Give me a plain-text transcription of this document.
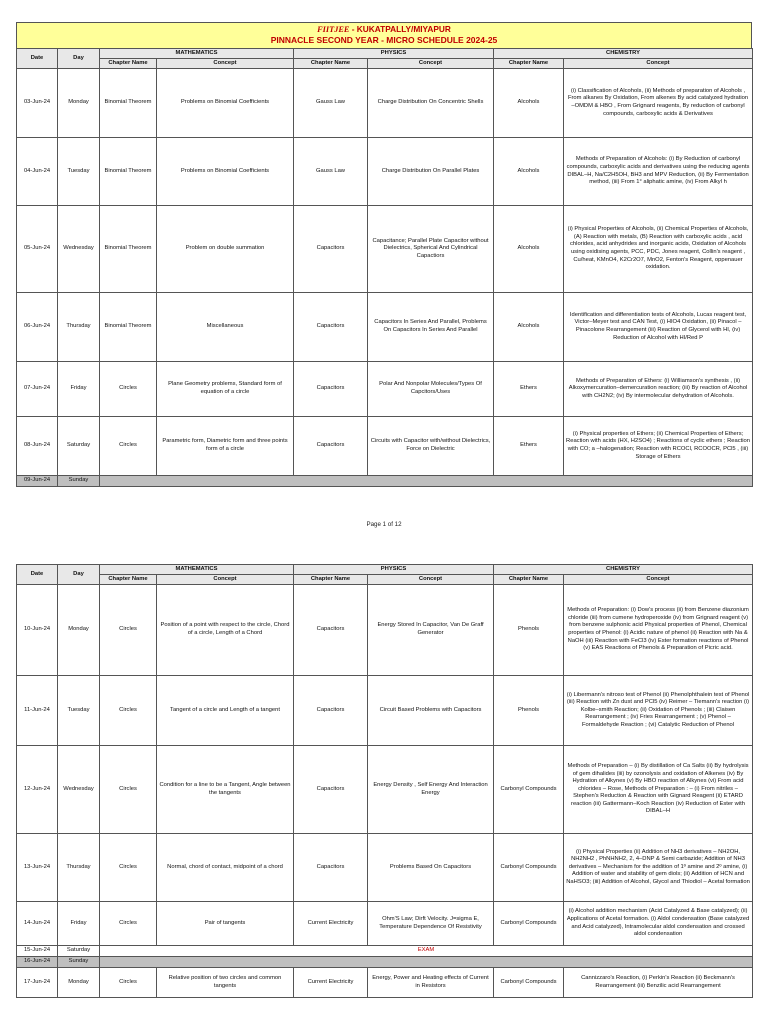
FIITJEE - KUKATPALLY/MIYAPUR
PINNACLE SECOND YEAR - MICRO SCHEDULE 2024-25
Date	Day	MATHEMATICS		PHYSICS		CHEMISTRY	
		Chapter Name	Concept	Chapter Name	Concept	Chapter Name	Concept
03-Jun-24	Monday	Binomial Theorem	Problems on Binomial Coefficients	Gauss Law	Charge Distribution On Concentric Shells	Alcohols	(i) Classification of Alcohols, (ii) Methods of preparation of Alcohols , From alkanes By Oxidation, From alkenes By acid catalyzed hydration –OMDM & HBO , From Grignard reagents, By reduction of carbonyl compounds, carboxylic acids & Derivatives
04-Jun-24	Tuesday	Binomial Theorem	Problems on Binomial Coefficients	Gauss Law	Charge Distribution On Parallel Plates	Alcohols	Methods of Preparation of Alcohols: (i) By Reduction of carbonyl compounds, carboxylic acids and derivatives using the reducing agents DIBAL–H, Na/C2H5OH, BH3 and MPV Reduction, (ii) By Fermentation method, (iii) From 1° aliphatic amine, (iv) From Alkyl h
05-Jun-24	Wednesday	Binomial Theorem	Problem on double summation	Capacitors	Capacitance; Parallel Plate Capacitor without Dielectrics, Spherical And Cylindrical Capactiors	Alcohols	(i) Physical Properties of Alcohols, (ii) Chemical Properties of Alcohols, (A) Reaction with metals, (B) Reaction with carboxylic acids , acid chlorides, acid anhydrides and inorganic acids, Oxidation of Alcohols using oxidising agents, PCC, PDC, Jones reagent, Collin's reagent , Cu/heat, KMnO4, K2Cr2O7, MnO2, Fenton's Reagent, oppenauer oxidation.
06-Jun-24	Thursday	Binomial Theorem	Miscellaneous	Capacitors	Capacitors In Series And Parallel, Problems On Capacitors In Series And Parallel	Alcohols	Identification and differentiation tests of Alcohols, Lucas reagent test, Victor–Meyer test and CAN Test, (i) HIO4 Oxidation, (ii) Pinacol – Pinacolone Rearrangement (iii) Reaction of Glycerol with HI, (iv) Reduction of Alcohol with HI/Red P
07-Jun-24	Friday	Circles	Plane Geometry problems, Standard form of equation of a circle	Capacitors	Polar And Nonpolar Molecules/Types Of Capcitors/Uses	Ethers	Methods of Preparation of Ethers: (i) Williamson's synthesis , (ii) Alkoxymercuration–demercuration reaction; (iii) By reaction of Alcohol with CH2N2; (iv) By intermolecular dehydration of Alcohols.
08-Jun-24	Saturday	Circles	Parametric form, Diametric form and three points form of a circle	Capacitors	Circuits with Capacitor with/without Dielectrics, Force on Dielectric	Ethers	(i) Physical properties of Ethers; (ii) Chemical Properties of Ethers; Reaction with acids (HX, H2SO4) ; Reactions of cyclic ethers ; Reaction with CO; a –halogenation; Reaction with RCOCl, RCOOCR, PCl5 , (iii) Storage of Ethers
09-Jun-24	Sunday						
Page 1 of 12
Date	Day	MATHEMATICS		PHYSICS		CHEMISTRY	
		Chapter Name	Concept	Chapter Name	Concept	Chapter Name	Concept
10-Jun-24	Monday	Circles	Position of a point with respect to the circle, Chord of a circle, Length of a Chord	Capacitors	Energy Stored In Capacitor, Van De Graff Generator	Phenols	Methods of Preparation: (i) Dow's process (ii) from Benzene diazonium chloride (iii) from cumene hydroperoxide (iv) from Grignard reagent (v) from benzene sulphonic acid Physical properties of Phenol, Chemical properties of Phenol: (i) Acidic nature of phenol (ii) Reaction with Na & NaOH (iii) Reaction with FeCl3 (iv) Ester formation reactions of Phenol (v) EAS Reactions of Phenols & Preparation of Picric acid.
11-Jun-24	Tuesday	Circles	Tangent of a circle and Length of a tangent	Capacitors	Circuit Based Problems with Capacitors	Phenols	(i) Libermann's nitroso test of Phenol (ii) Phenolphthalein test of Phenol (iii) Reaction with Zn dust and PCl5 (iv) Reimer – Tiemann's reaction (i) Kolbe–smith Reaction; (ii) Oxidation of Phenols ; (iii) Claisen Rearrangement ; (iv) Fries Rearrangement ; (v) Phenol – Formaldehyde Reaction ; (vi) Catalytic Reduction of Phenol
12-Jun-24	Wednesday	Circles	Condition for a line to be a Tangent, Angle between the tangents	Capacitors	Energy Density , Self Energy And Interaction Energy	Carbonyl Compounds	Methods of Preparation – (i) By distillation of Ca Salts (ii) By hydrolysis of gem dihalides (iii) by ozonolysis and oxidation of Alkenes (iv) By Hydration of Alkynes (v) By HBO reaction of Alkynes (vi) From acid chlorides – Rose, Methods of Preparation : – (i) From nitriles – Stephen's Reduction & Reaction with Gignard Reagent (ii) ETARD reaction (iii) Gattermann–Koch Reaction (iv) Reduction of Ester with DIBAL–H
13-Jun-24	Thursday	Circles	Normal, chord of contact, midpoint of a chord	Capacitors	Problems Based On Capacitors	Carbonyl Compounds	(i) Physical Properties (ii) Addition of NH3 derivatives – NH2OH, NH2NH2 , PhNHNH2, 2, 4–DNP & Semi carbazide; Addition of NH3 derivatives – Mechanism for the addition of 1º amine and 2º amine, (i) Addition of water and stability of gem diols; (ii) Addition of HCN and NaHSO3; (iii) Addition of Alcohol, Glycol and Thiodiol – Acetal formation
14-Jun-24	Friday	Circles	Pair of tangents	Current Electricity	Ohm'S Law; Dirft Velocity. J=sigma E, Temperature Dependence Of Resistivity	Carbonyl Compounds	(i) Alcohol addition mechanism (Acid Catalyzed & Base catalyzed); (ii) Applications of Acetal formation. (i) Aldol condensation (Base catalyzed and Acid catalyzed), Intramolecular aldol condensation and crossed aldol condensation
15-Jun-24	Saturday	EXAM					
16-Jun-24	Sunday						
17-Jun-24	Monday	Circles	Relative position of two circles and common tangents	Current Electricity	Energy, Power and Heating effects of Current in Resistors	Carbonyl Compounds	Cannizzaro's Reaction, (i) Perkin's Reaction (ii) Beckmann's Rearrangement (iii) Benzilic acid Rearrangement
